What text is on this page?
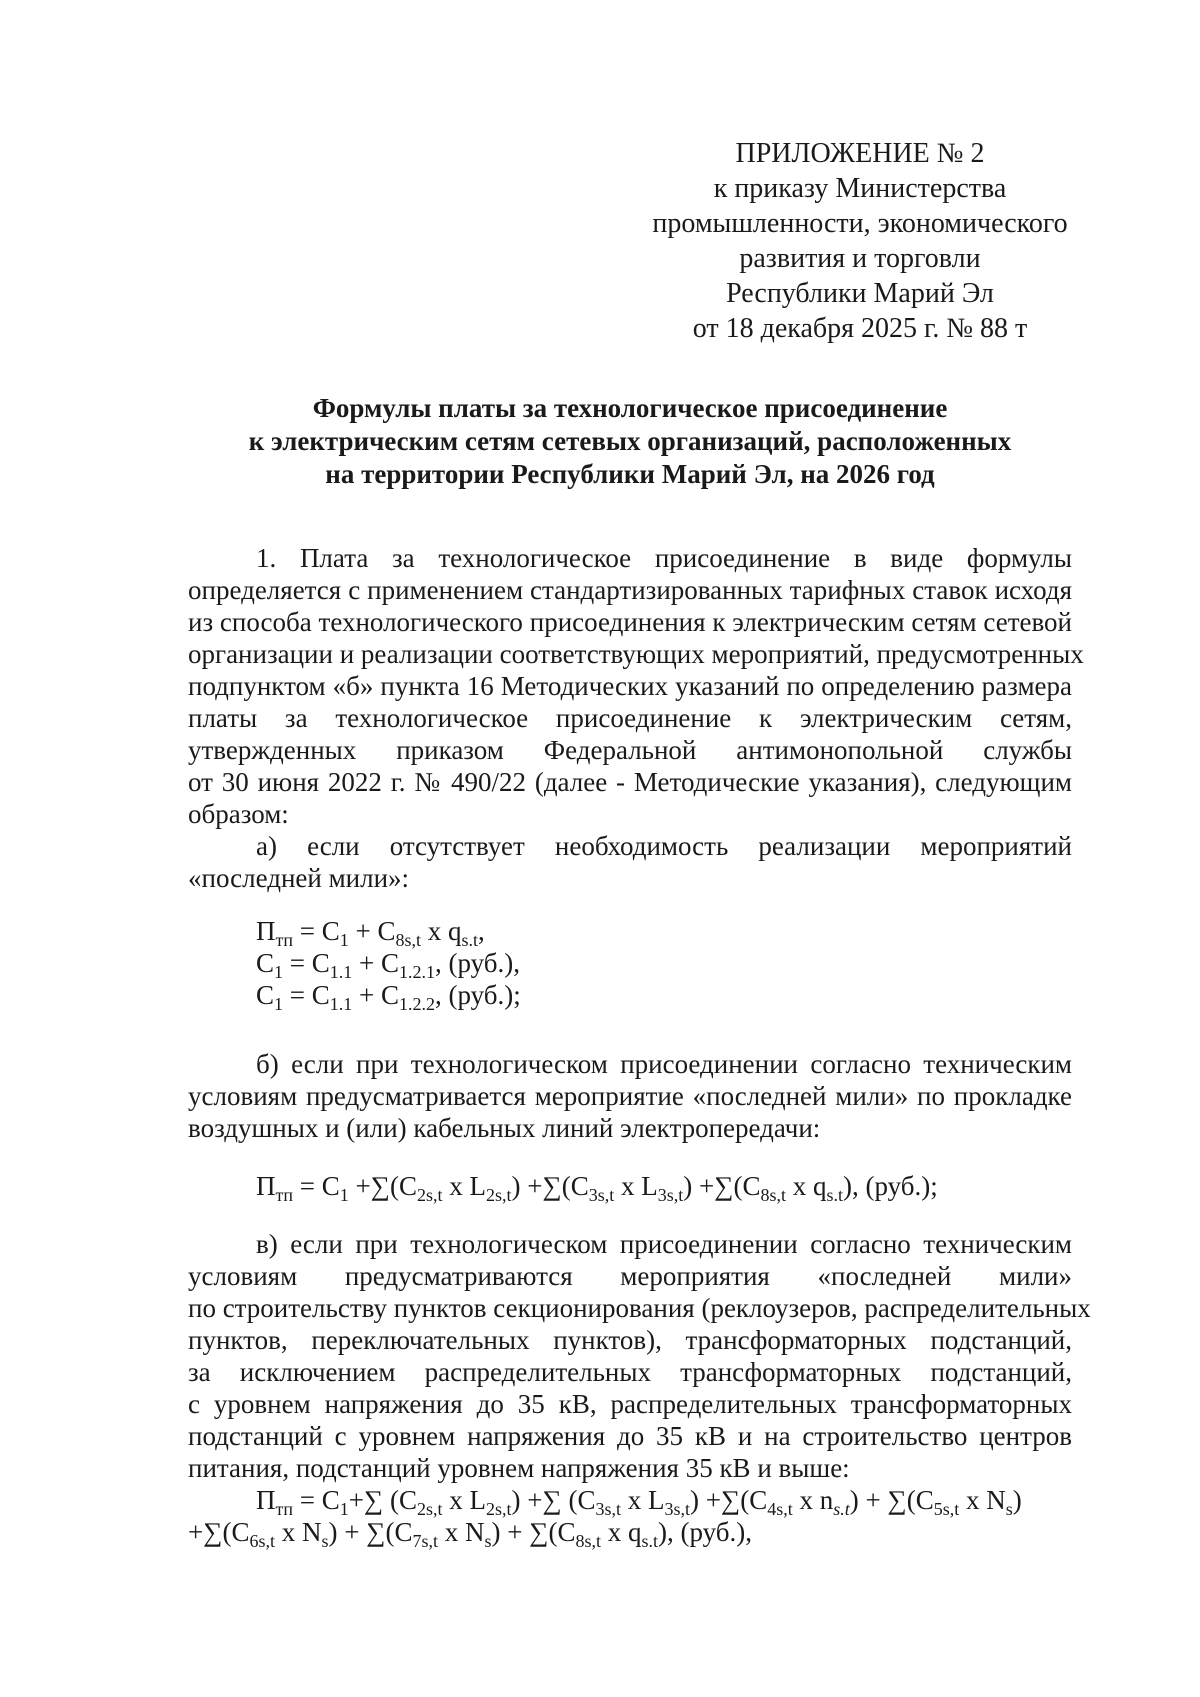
ПРИЛОЖЕНИЕ № 2
к приказу Министерства
промышленности, экономического
развития и торговли
Республики Марий Эл
от 18 декабря 2025 г. № 88 т
Формулы платы за технологическое присоединение
к электрическим сетям сетевых организаций, расположенных
на территории Республики Марий Эл, на 2026 год
1. Плата за технологическое присоединение в виде формулы
определяется с применением стандартизированных тарифных ставок исходя
из способа технологического присоединения к электрическим сетям сетевой
организации и реализации соответствующих мероприятий, предусмотренных
подпунктом «б» пункта 16 Методических указаний по определению размера
платы за технологическое присоединение к электрическим сетям,
утвержденных приказом Федеральной антимонопольной службы
от 30 июня 2022 г. № 490/22 (далее - Методические указания), следующим
образом:
а) если отсутствует необходимость реализации мероприятий
«последней мили»:
$П_{тп} = C_1 + C_{8s,t}$ x $q_{s.t}$,
$C_1 = C_{1.1} + C_{1.2.1}$, (руб.),
$C_1 = C_{1.1} + C_{1.2.2}$, (руб.);
б) если при технологическом присоединении согласно техническим
условиям предусматривается мероприятие «последней мили» по прокладке
воздушных и (или) кабельных линий электропередачи:
$П_{тп} = C_1 +\sum(C_{2s,t}$ x $L_{2s,t}) +\sum(C_{3s,t}$ x $L_{3s,t}) +\sum(C_{8s,t}$ x $q_{s.t}$), (руб.);
в) если при технологическом присоединении согласно техническим
условиям предусматриваются мероприятия «последней мили»
по строительству пунктов секционирования (реклоузеров, распределительных
пунктов, переключательных пунктов), трансформаторных подстанций,
за исключением распределительных трансформаторных подстанций,
с уровнем напряжения до 35 кВ, распределительных трансформаторных
подстанций с уровнем напряжения до 35 кВ и на строительство центров
питания, подстанций уровнем напряжения 35 кВ и выше:
$П_{тп} = C_1+\sum$ ($C_{2s,t}$ x $L_{2s,t}$) +∑ ($C_{3s,t}$ x $L_{3s,t}) +\sum(C_{4s,t}$ x $n_{s.t}) + \sum(C_{5s,t}$ x $N_s$)
$+\sum(C_{6s,t}$ x $N_s) + \sum(C_{7s,t}$ x $N_s) + \sum(C_{8s,t}$ x $q_{s.t}$), (руб.),
